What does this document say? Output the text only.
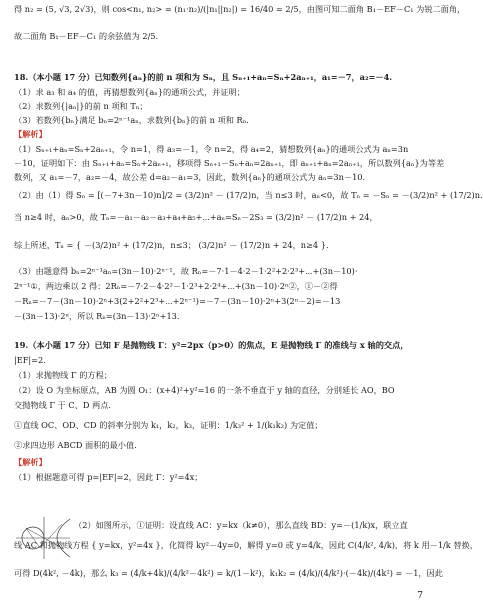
得 n₂ = (5, √3, 2√3)，则 cos<n₁, n₂> = (n₁·n₂)/(|n₁||n₂|) = 16/40 = 2/5，由图可知二面角 B₁－EF－C₁ 为锐二面角，
故二面角 B₁－EF－C₁ 的余弦值为 2/5.
18.（本小题 17 分）已知数列{aₙ}的前 n 项和为 Sₙ，且 Sₙ₊₁+aₙ=Sₙ+2aₙ₊₁，a₁=－7，a₂=－4.
（1）求 a₃ 和 a₄ 的值，再猜想数列{aₙ}的通项公式，并证明；
（2）求数列{|aₙ|}的前 n 项和 Tₙ；
（3）若数列{bₙ}满足 bₙ=2ⁿ⁻¹aₙ，求数列{bₙ}的前 n 项和 Rₙ.
【解析】
（1）Sₙ₊₁+aₙ=Sₙ+2aₙ₊₁，令 n=1，得 a₃=－1，令 n=2，得 a₄=2，猜想数列{aₙ}的通项公式为 aₙ=3n
－10，证明如下：由 Sₙ₊₁+aₙ=Sₙ+2aₙ₊₁，移项得 Sₙ₊₁－Sₙ+aₙ=2aₙ₊₁，即 aₙ₊₁+aₙ=2aₙ₊₁，所以数列{aₙ}为等差
数列，又 a₁=－7，a₂=－4，故公差 d=a₂－a₁=3，因此，数列{aₙ}的通项公式为 aₙ=3n－10.
（2）由（1）得 Sₙ = [(－7+3n－10)n]/2 = (3/2)n² － (17/2)n，当 n≤3 时，aₙ<0，故 Tₙ = －Sₙ = －(3/2)n² + (17/2)n.
当 n≥4 时，aₙ>0，故 Tₙ=－a₁－a₂－a₃+a₄+a₅+⋯+aₙ=Sₙ－2S₃ = (3/2)n² － (17/2)n + 24，
综上所述，Tₙ = { －(3/2)n² + (17/2)n，n≤3； (3/2)n² － (17/2)n + 24，n≥4 }.
（3）由题意得 bₙ=2ⁿ⁻¹aₙ=(3n－10)·2ⁿ⁻¹，故 Rₙ=－7·1－4·2－1·2²+2·2³+⋯+(3n－10)·
2ⁿ⁻¹①，两边乘以 2 得：2Rₙ=－7·2－4·2²－1·2³+2·2⁴+⋯+(3n－10)·2ⁿ②，①－②得
－Rₙ=－7－(3n－10)·2ⁿ+3(2+2²+2³+⋯+2ⁿ⁻¹)=－7－(3n－10)·2ⁿ+3(2ⁿ－2)=－13
－(3n－13)·2ⁿ，所以 Rₙ=(3n－13)·2ⁿ+13.
19.（本小题 17 分）已知 F 是抛物线 Γ：y²=2px（p>0）的焦点，E 是抛物线 Γ 的准线与 x 轴的交点，
|EF|=2.
（1）求抛物线 Γ 的方程；
（2）设 O 为坐标原点，AB 为圆 O₁：(x+4)²+y²=16 的一条不垂直于 y 轴的直径，分别延长 AO，BO
交抛物线 Γ 于 C、D 两点.
①直线 OC、OD、CD 的斜率分别为 k₁，k₂，k₃，证明：1/k₃² + 1/(k₁k₂) 为定值；
②求四边形 ABCD 面积的最小值.
【解析】
（1）根据题意可得 p=|EF|=2，因此 Γ：y²=4x；
（2）如图所示，①证明：设直线 AC：y=kx（k≠0），那么直线 BD：y=－(1/k)x，联立直
线 AC 和抛物线方程 { y=kx，y²=4x }，化简得 ky²－4y=0，解得 y=0 或 y=4/k，因此 C(4/k², 4/k)，将 k 用－1/k 替换，
可得 D(4k², －4k)，那么 k₃ = (4/k+4k)/(4/k²－4k²) = k/(1－k²)，k₁k₂ = (4/k)/(4/k²)·(－4k)/(4k²) = －1，因此
7
